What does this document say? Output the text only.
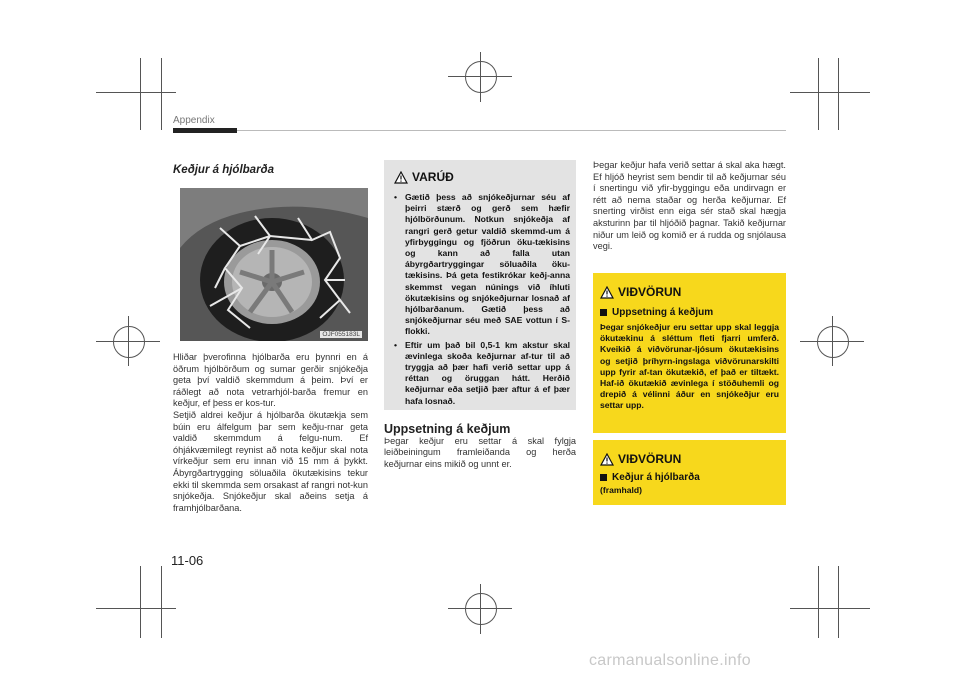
Appendix
Keðjur á hjólbarða
OJF055183L
Hliðar þverofinna hjólbarða eru þynnri en á öðrum hjólbörðum og sumar gerðir snjókeðja geta því valdið skemmdum á þeim. Því er ráðlegt að nota vetrarhjól-barða fremur en keðjur, ef þess er kos-tur.
Setjið aldrei keðjur á hjólbarða ökutækja sem búin eru álfelgum þar sem keðju-rnar geta valdið skemmdum á felgu-num. Ef óhjákvæmilegt reynist að nota keðjur skal nota vírkeðjur sem eru innan við 15 mm á þykkt. Ábyrgðartrygging söluaðila ökutækisins tekur ekki til skemmda sem orsakast af rangri not-kun snjókeðja. Snjókeðjur skal aðeins setja á framhjólbarðana.
VARÚÐ
• Gætið þess að snjókeðjurnar séu af þeirri stærð og gerð sem hæfir hjólbörðunum. Notkun snjókeðja af rangri gerð getur valdið skemmd-um á yfirbyggingu og fjöðrun öku-tækisins og kann að falla utan ábyrgðartryggingar söluaðila öku-tækisins. Þá geta festikrókar keðj-anna skemmst vegan núnings við íhluti ökutækisins og snjókeðjurnar losnað af hjólbarðanum. Gætið þess að snjókeðjurnar séu með SAE vottun í S-flokki.
• Eftir um það bil 0,5-1 km akstur skal ævinlega skoða keðjurnar af-tur til að tryggja að þær hafi verið settar upp á réttan og öruggan hátt. Herðið keðjurnar eða setjið þær aftur á ef þær hafa losnað.
Uppsetning á keðjum
Þegar keðjur eru settar á skal fylgja leiðbeiningum framleiðanda og herða keðjurnar eins mikið og unnt er.
Þegar keðjur hafa verið settar á skal aka hægt. Ef hljóð heyrist sem bendir til að keðjurnar séu í snertingu við yfir-byggingu eða undirvagn er rétt að nema staðar og herða keðjurnar. Ef snerting virðist enn eiga sér stað skal hægja aksturinn þar til hljóðið þagnar. Takið keðjurnar niður um leið og komið er á rudda og snjólausa vegi.
VIÐVÖRUN
Uppsetning á keðjum
Þegar snjókeðjur eru settar upp skal leggja ökutækinu á sléttum fleti fjarri umferð. Kveikið á viðvörunar-ljósum ökutækisins og setjið þríhyrn-ingslaga viðvörunarskilti upp fyrir af-tan ökutækið, ef það er tiltækt. Haf-ið ökutækið ævinlega í stöðuhemli og drepið á vélinni áður en snjókeðjur eru settar upp.
VIÐVÖRUN
Keðjur á hjólbarða
(framhald)
11-06
carmanualsonline.info
